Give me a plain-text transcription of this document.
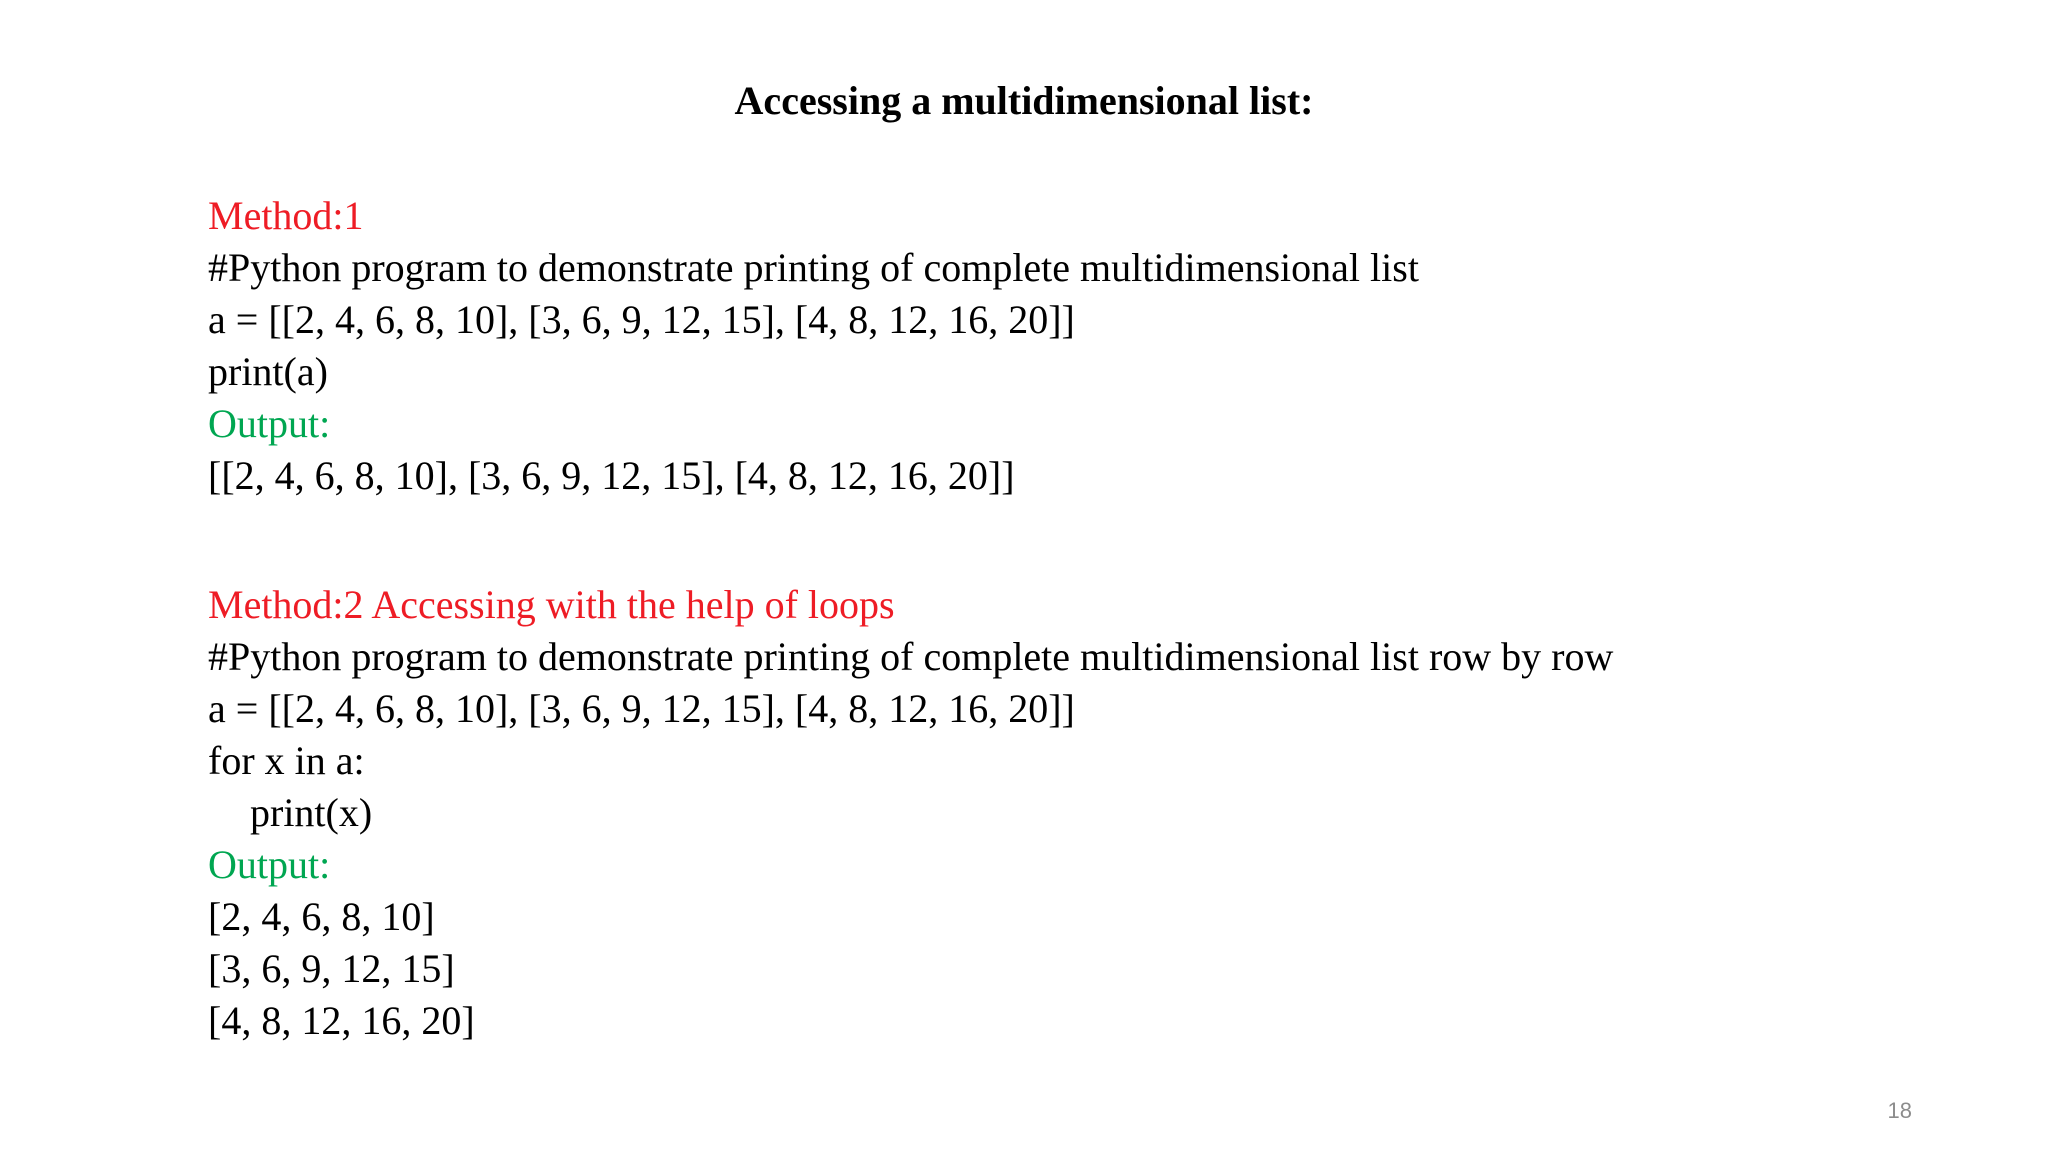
Accessing a multidimensional list:
Method:1
#Python program to demonstrate printing of complete multidimensional list
a = [[2, 4, 6, 8, 10], [3, 6, 9, 12, 15], [4, 8, 12, 16, 20]]
print(a)
Output:
[[2, 4, 6, 8, 10], [3, 6, 9, 12, 15], [4, 8, 12, 16, 20]]
Method:2 Accessing with the help of loops
#Python program to demonstrate printing of complete multidimensional list row by row
a = [[2, 4, 6, 8, 10], [3, 6, 9, 12, 15], [4, 8, 12, 16, 20]]
for x in a:
print(x)
Output:
[2, 4, 6, 8, 10]
[3, 6, 9, 12, 15]
[4, 8, 12, 16, 20]
18
